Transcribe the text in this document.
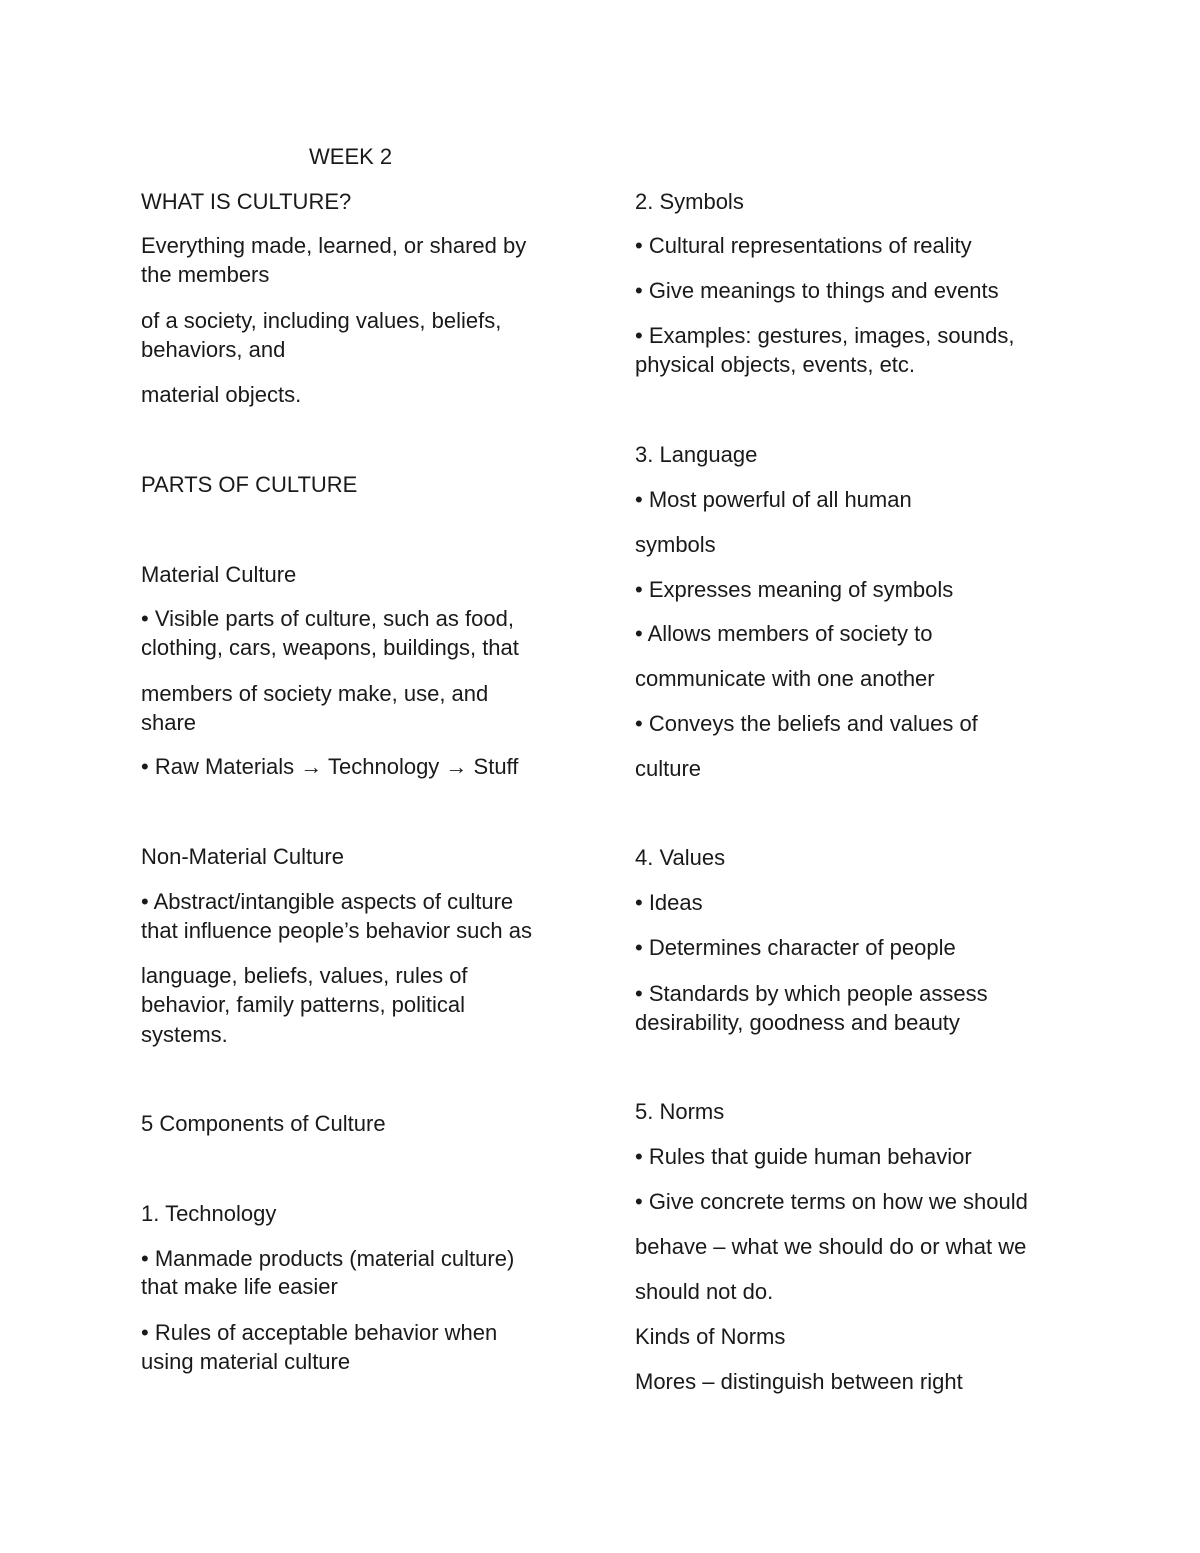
WEEK 2

WHAT IS CULTURE?

Everything made, learned, or shared by

the members

of a society, including values, beliefs,

behaviors, and

material objects.

PARTS OF CULTURE

Material Culture

• Visible parts of culture, such as food,

clothing, cars, weapons, buildings, that

members of society make, use, and

share

• Raw Materials → Technology → Stuff

Non-Material Culture

• Abstract/intangible aspects of culture

that influence people’s behavior such as

language, beliefs, values, rules of

behavior, family patterns, political

systems.

5 Components of Culture

1. Technology

• Manmade products (material culture)

that make life easier

• Rules of acceptable behavior when

using material culture

2. Symbols

• Cultural representations of reality

• Give meanings to things and events

• Examples: gestures, images, sounds,

physical objects, events, etc.

3. Language

• Most powerful of all human

symbols

• Expresses meaning of symbols

• Allows members of society to

communicate with one another

• Conveys the beliefs and values of

culture

4. Values

• Ideas

• Determines character of people

• Standards by which people assess

desirability, goodness and beauty

5. Norms

• Rules that guide human behavior

• Give concrete terms on how we should

behave – what we should do or what we

should not do.

Kinds of Norms

Mores – distinguish between right
